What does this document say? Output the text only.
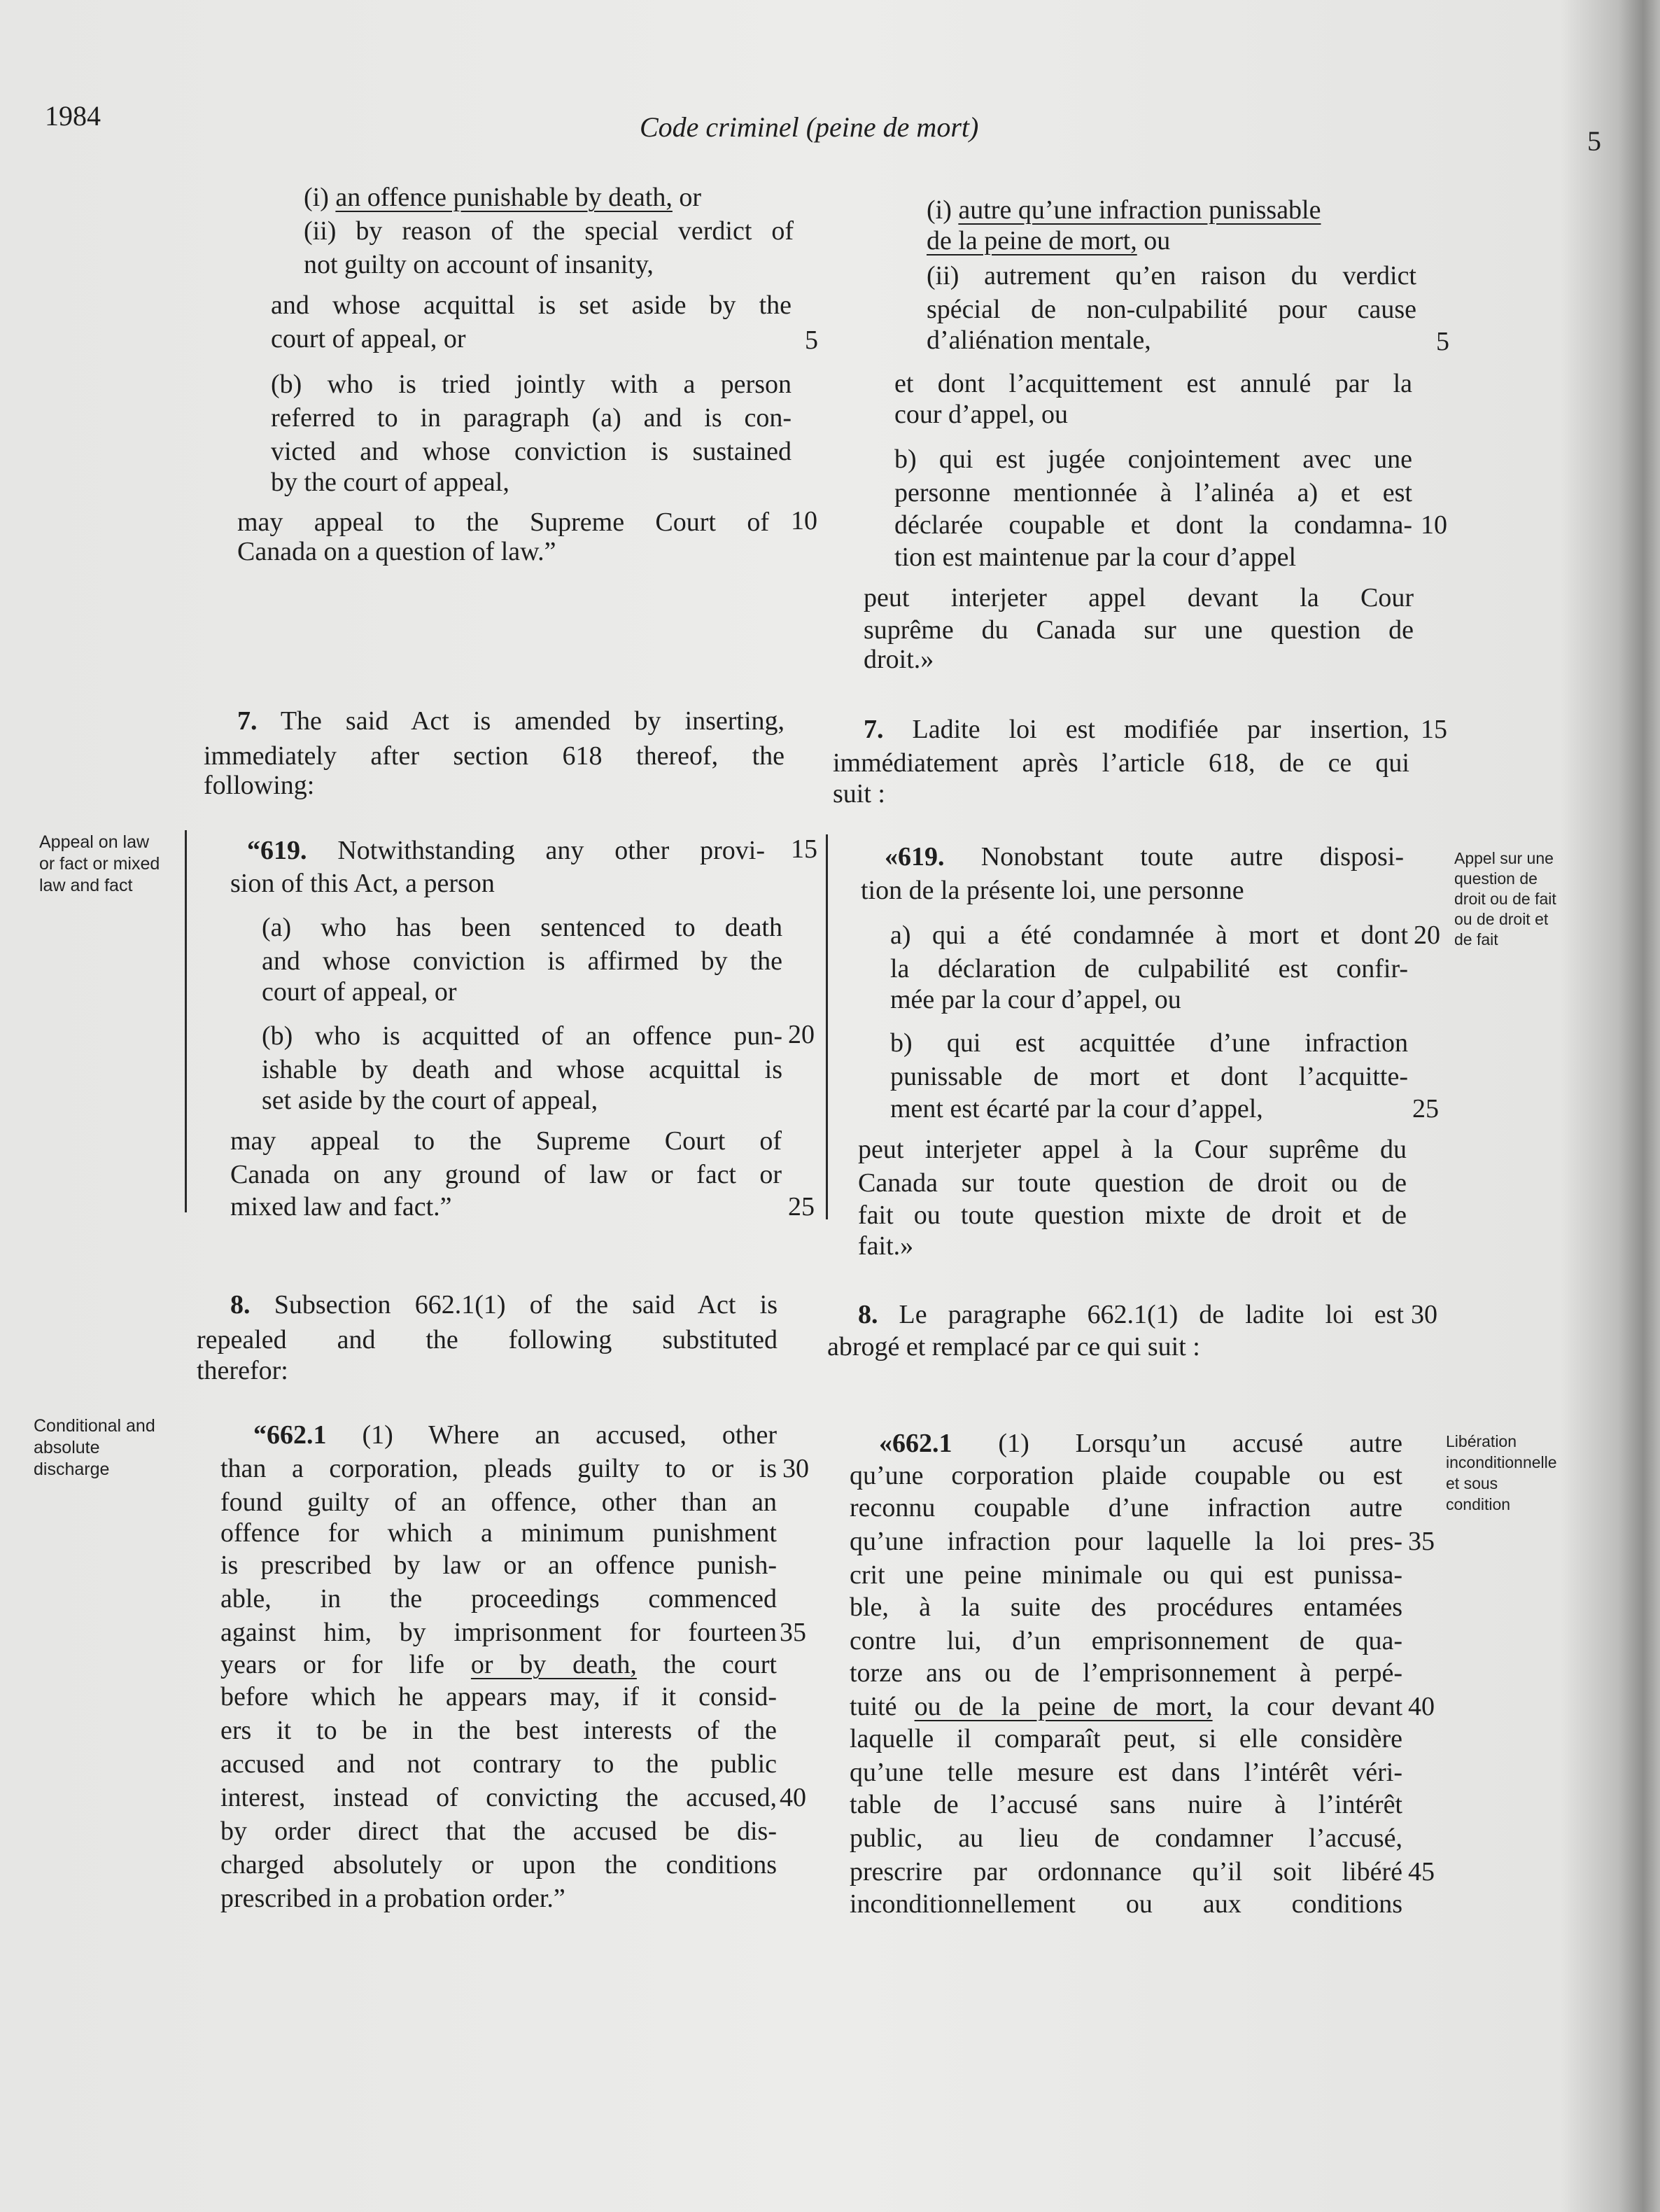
1984	Code criminel (peine de mort)	5
(i) an offence punishable by death, or
(ii) by reason of the special verdict of
not guilty on account of insanity,
and whose acquittal is set aside by the
court of appeal, or
(b) who is tried jointly with a person
referred to in paragraph (a) and is con-
victed and whose conviction is sustained
by the court of appeal,
may appeal to the Supreme Court of
Canada on a question of law.”
7. The said Act is amended by inserting,
immediately after section 618 thereof, the
following:
“619. Notwithstanding any other provi-
sion of this Act, a person
(a) who has been sentenced to death
and whose conviction is affirmed by the
court of appeal, or
(b) who is acquitted of an offence pun-
ishable by death and whose acquittal is
set aside by the court of appeal,
may appeal to the Supreme Court of
Canada on any ground of law or fact or
mixed law and fact.”
8. Subsection 662.1(1) of the said Act is
repealed and the following substituted
therefor:
“662.1 (1) Where an accused, other
than a corporation, pleads guilty to or is
found guilty of an offence, other than an
offence for which a minimum punishment
is prescribed by law or an offence punish-
able, in the proceedings commenced
against him, by imprisonment for fourteen
years or for life or by death, the court
before which he appears may, if it consid-
ers it to be in the best interests of the
accused and not contrary to the public
interest, instead of convicting the accused,
by order direct that the accused be dis-
charged absolutely or upon the conditions
prescribed in a probation order.”
5
10
15
20
25
30
35
40
(i) autre qu’une infraction punissable
de la peine de mort, ou
(ii) autrement qu’en raison du verdict
spécial de non-culpabilité pour cause
d’aliénation mentale,
et dont l’acquittement est annulé par la
cour d’appel, ou
b) qui est jugée conjointement avec une
personne mentionnée à l’alinéa a) et est
déclarée coupable et dont la condamna-
tion est maintenue par la cour d’appel
peut interjeter appel devant la Cour
suprême du Canada sur une question de
droit.»
7. Ladite loi est modifiée par insertion,
immédiatement après l’article 618, de ce qui
suit :
«619. Nonobstant toute autre disposi-
tion de la présente loi, une personne
a) qui a été condamnée à mort et dont
la déclaration de culpabilité est confir-
mée par la cour d’appel, ou
b) qui est acquittée d’une infraction
punissable de mort et dont l’acquitte-
ment est écarté par la cour d’appel,
peut interjeter appel à la Cour suprême du
Canada sur toute question de droit ou de
fait ou toute question mixte de droit et de
fait.»
8. Le paragraphe 662.1(1) de ladite loi est
abrogé et remplacé par ce qui suit :
«662.1 (1) Lorsqu’un accusé autre
qu’une corporation plaide coupable ou est
reconnu coupable d’une infraction autre
qu’une infraction pour laquelle la loi pres-
crit une peine minimale ou qui est punissa-
ble, à la suite des procédures entamées
contre lui, d’un emprisonnement de qua-
torze ans ou de l’emprisonnement à perpé-
tuité ou de la peine de mort, la cour devant
laquelle il comparaît peut, si elle considère
qu’une telle mesure est dans l’intérêt véri-
table de l’accusé sans nuire à l’intérêt
public, au lieu de condamner l’accusé,
prescrire par ordonnance qu’il soit libéré
inconditionnellement ou aux conditions
5
10
15
20
25
30
35
40
45
Appeal on law
or fact or mixed
law and fact
Appel sur une
question de
droit ou de fait
ou de droit et
de fait
Conditional and
absolute
discharge
Libération
inconditionnelle
et sous
condition
